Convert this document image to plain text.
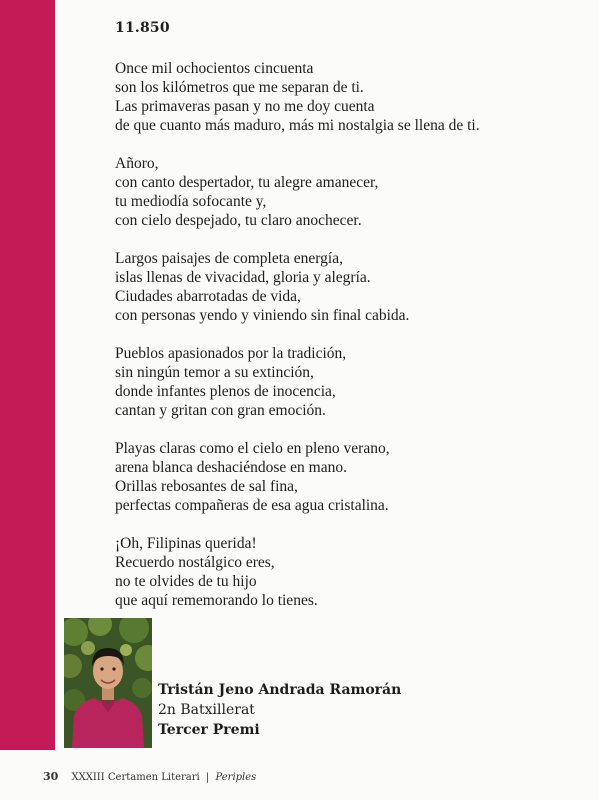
11.850
Once mil ochocientos cincuenta
son los kilómetros que me separan de ti.
Las primaveras pasan y no me doy cuenta
de que cuanto más maduro, más mi nostalgia se llena de ti.
Añoro,
con canto despertador, tu alegre amanecer,
tu mediodía sofocante y,
con cielo despejado, tu claro anochecer.
Largos paisajes de completa energía,
islas llenas de vivacidad, gloria y alegría.
Ciudades abarrotadas de vida,
con personas yendo y viniendo sin final cabida.
Pueblos apasionados por la tradición,
sin ningún temor a su extinción,
donde infantes plenos de inocencia,
cantan y gritan con gran emoción.
Playas claras como el cielo en pleno verano,
arena blanca deshaciéndose en mano.
Orillas rebosantes de sal fina,
perfectas compañeras de esa agua cristalina.
¡Oh, Filipinas querida!
Recuerdo nostálgico eres,
no te olvides de tu hijo
que aquí rememorando lo tienes.
Tristán Jeno Andrada Ramorán
2n Batxillerat
Tercer Premi
30 XXXIII Certamen Literari | Periples
